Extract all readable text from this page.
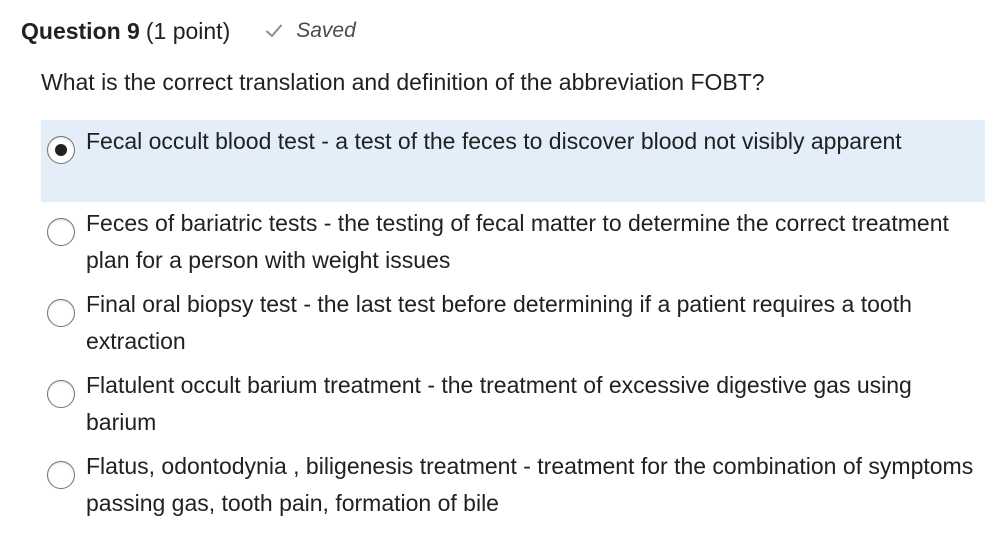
Question 9 (1 point)	Saved
What is the correct translation and definition of the abbreviation FOBT?
Fecal occult blood test - a test of the feces to discover blood not visibly apparent
Feces of bariatric tests - the testing of fecal matter to determine the correct treatment plan for a person with weight issues
Final oral biopsy test - the last test before determining if a patient requires a tooth extraction
Flatulent occult barium treatment - the treatment of excessive digestive gas using barium
Flatus, odontodynia , biligenesis treatment - treatment for the combination of symptoms passing gas, tooth pain, formation of bile
